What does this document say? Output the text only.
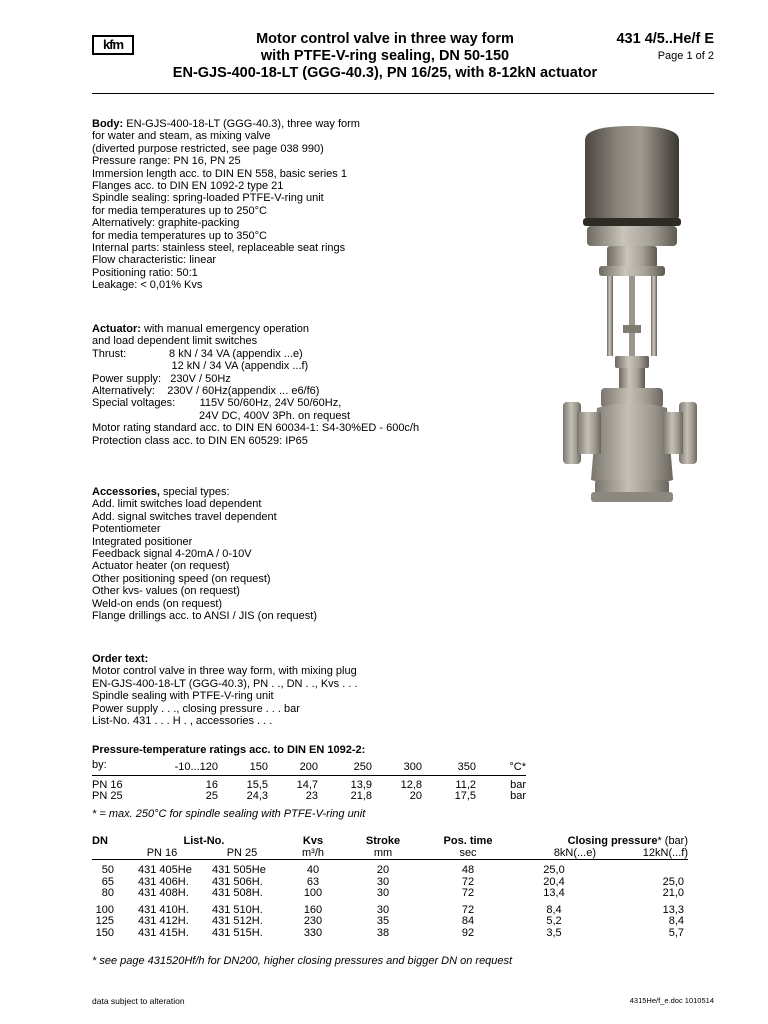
kfm	Motor control valve in three way form
with PTFE-V-ring sealing, DN 50-150
EN-GJS-400-18-LT (GGG-40.3), PN 16/25, with 8-12kN actuator
431 4/5..He/f E
Page 1 of 2
Body: EN-GJS-400-18-LT (GGG-40.3), three way form
for water and steam, as mixing valve
(diverted purpose restricted, see page 038 990)
Pressure range: PN 16, PN 25
Immersion length acc. to DIN EN 558, basic series 1
Flanges acc. to DIN EN 1092-2 type 21
Spindle sealing: spring-loaded PTFE-V-ring unit
for media temperatures up to 250°C
Alternatively: graphite-packing
for media temperatures up to 350°C
Internal parts: stainless steel, replaceable seat rings
Flow characteristic: linear
Positioning ratio: 50:1
Leakage: < 0,01% Kvs
Actuator: with manual emergency operation
and load dependent limit switches
Thrust:              8 kN / 34 VA (appendix ...e)
12 kN / 34 VA (appendix ...f)
Power supply:   230V / 50Hz
Alternatively:    230V / 60Hz(appendix ... e6/f6)
Special voltages:        115V 50/60Hz, 24V 50/60Hz,
24V DC, 400V 3Ph. on request
Motor rating standard acc. to DIN EN 60034-1: S4-30%ED - 600c/h
Protection class acc. to DIN EN 60529: IP65
Accessories, special types:
Add. limit switches load dependent
Add. signal switches travel dependent
Potentiometer
Integrated positioner
Feedback signal 4-20mA / 0-10V
Actuator heater (on request)
Other positioning speed (on request)
Other kvs- values (on request)
Weld-on ends (on request)
Flange drillings acc. to ANSI / JIS (on request)
Order text:
Motor control valve in three way form, with mixing plug
EN-GJS-400-18-LT (GGG-40.3), PN . ., DN . ., Kvs . . .
Spindle sealing with PTFE-V-ring unit
Power supply . . ., closing pressure . . . bar
List-No. 431 . . . H . , accessories . . .
Pressure-temperature ratings acc. to DIN EN 1092-2:
by:	-10...120	150	200	250	300	350	°C*
PN 16	16	15,5	14,7	13,9	12,8	11,2	bar
PN 25	25	24,3	23	21,8	20	17,5	bar
* = max. 250°C for spindle sealing with PTFE-V-ring unit
DN	List-No.		Kvs	Stroke	Pos. time	Closing pressure* (bar)	
	PN 16	PN 25	m³/h	mm	sec	8kN(...e)	12kN(...f)
50	431 405He	431 505He	40	20	48	25,0	
65	431 406H.	431 506H.	63	30	72	20,4	25,0
80	431 408H.	431 508H.	100	30	72	13,4	21,0
100	431 410H.	431 510H.	160	30	72	8,4	13,3
125	431 412H.	431 512H.	230	35	84	5,2	8,4
150	431 415H.	431 515H.	330	38	92	3,5	5,7
* see page 431520Hf/h for DN200, higher closing pressures and bigger DN on request
data subject to alteration	4315He/f_e.doc 1010514
